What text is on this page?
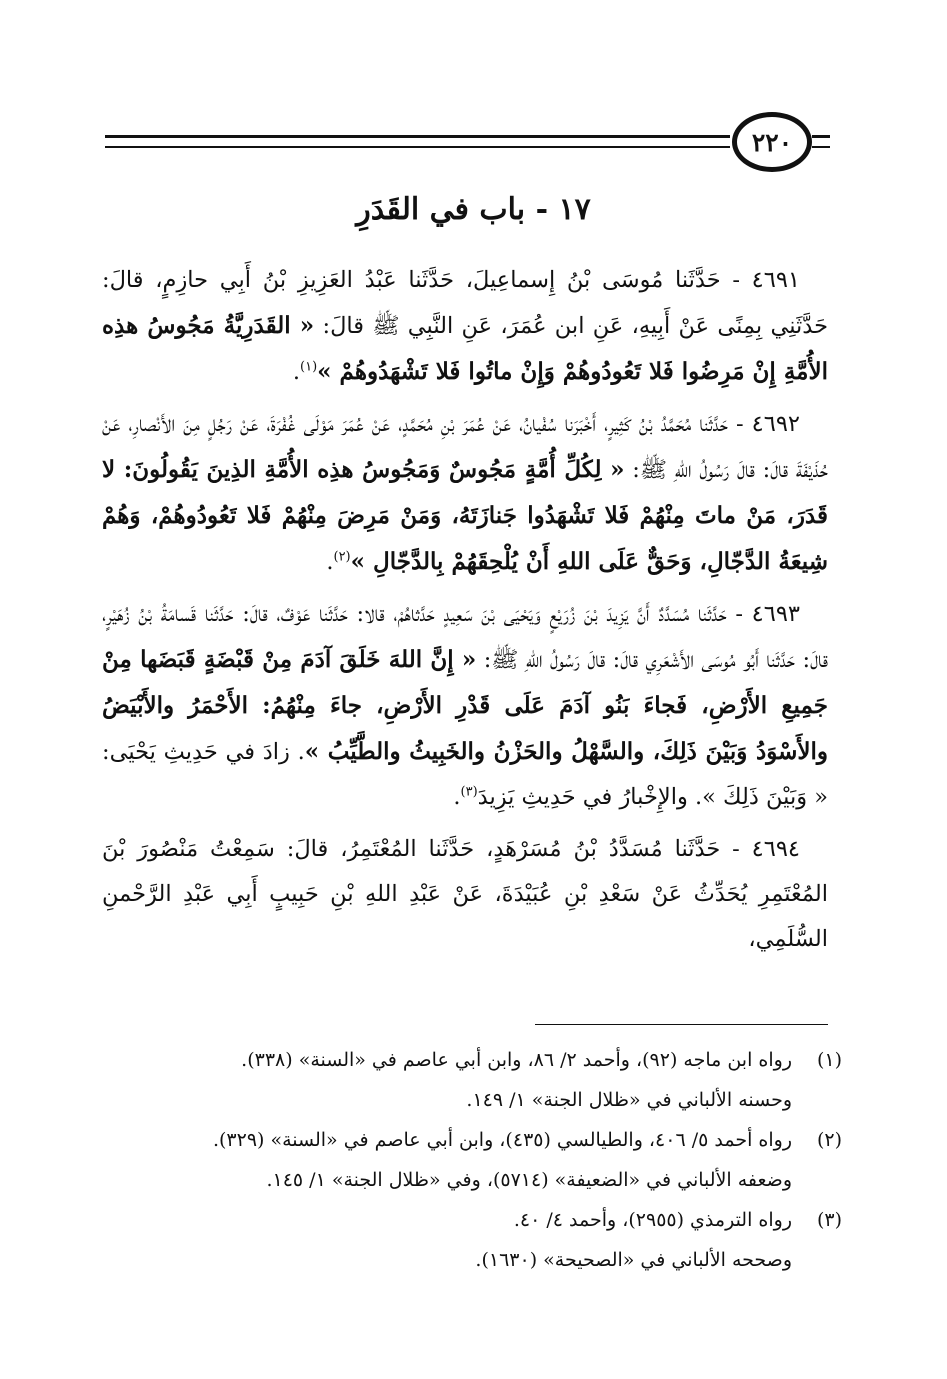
٢٢٠
١٧ - باب في القَدَرِ

٤٦٩١ - حَدَّثَنا مُوسَى بْنُ إِسماعِيلَ، حَدَّثَنا عَبْدُ العَزِيزِ بْنُ أَبِي حازِمٍ، قالَ: حَدَّثَنِي بِمِنًى عَنْ أَبِيهِ، عَنِ ابن عُمَرَ، عَنِ النَّبِي ﷺ قالَ: « القَدَرِيَّةُ مَجُوسُ هذِه الأُمَّةِ إِنْ مَرِضُوا فَلا تَعُودُوهُمْ وَإِنْ ماتُوا فَلا تَشْهَدُوهُمْ »$^{(١)}$.

٤٦٩٢ - حَدَّثَنا مُحَمَّدُ بْنُ كَثِيرٍ، أَخْبَرَنا سُفْيانُ، عَنْ عُمَرَ بْنِ مُحَمَّدٍ، عَنْ عُمَرَ مَوْلَى غُفْرَةَ، عَنْ رَجُلٍ مِنَ الأَنْصارِ، عَنْ حُذَيْفَةَ قالَ: قالَ رَسُولُ اللهِ ﷺ: « لِكُلِّ أُمَّةٍ مَجُوسٌ وَمَجُوسُ هذِه الأُمَّةِ الذِينَ يَقُولُونَ: لا قَدَرَ، مَنْ ماتَ مِنْهُمْ فَلا تَشْهَدُوا جَنازَتَهُ، وَمَنْ مَرِضَ مِنْهُمْ فَلا تَعُودُوهُمْ، وَهُمْ شِيعَةُ الدَّجّالِ، وَحَقٌّ عَلَى اللهِ أَنْ يُلْحِقَهُمْ بِالدَّجّالِ »$^{(٢)}$.

٤٦٩٣ - حَدَّثَنا مُسَدَّدٌ أَنَّ يَزِيدَ بْنَ زُرَيْعٍ وَيَحْيَى بْنَ سَعِيدٍ حَدَّثاهُمْ، قالا: حَدَّثَنا عَوْفٌ، قالَ: حَدَّثَنا قَسامَةُ بْنُ زُهَيْرٍ، قالَ: حَدَّثَنا أَبُو مُوسَى الأَشْعَرِي قالَ: قالَ رَسُولُ اللهِ ﷺ: « إِنَّ اللهَ خَلَقَ آدَمَ مِنْ قَبْضَةٍ قَبَضَها مِنْ جَمِيعِ الأَرْضِ، فَجاءَ بَنُو آدَمَ عَلَى قَدْرِ الأَرْضِ، جاءَ مِنْهُمُ: الأَحْمَرُ والأَبْيَضُ والأَسْوَدُ وَبَيْنَ ذَلِكَ، والسَّهْلُ والحَزْنُ والخَبِيثُ والطَّيِّبُ ». زادَ في حَدِيثِ يَحْيَى: « وَبَيْنَ ذَلِكَ ». والإِخْبارُ في حَدِيثِ يَزِيدَ$^{(٣)}$.

٤٦٩٤ - حَدَّثَنا مُسَدَّدُ بْنُ مُسَرْهَدٍ، حَدَّثَنا المُعْتَمِرُ، قالَ: سَمِعْتُ مَنْصُورَ بْنَ المُعْتَمِرِ يُحَدِّثُ عَنْ سَعْدِ بْنِ عُبَيْدَةَ، عَنْ عَبْدِ اللهِ بْنِ حَبِيبٍ أَبِي عَبْدِ الرَّحْمنِ السُّلَمِي،

(١)
رواه ابن ماجه (٩٢)، وأحمد ٢/ ٨٦، وابن أبي عاصم في «السنة» (٣٣٨).
وحسنه الألباني في «ظلال الجنة» ١/ ١٤٩.
(٢)
رواه أحمد ٥/ ٤٠٦، والطيالسي (٤٣٥)، وابن أبي عاصم في «السنة» (٣٢٩).
وضعفه الألباني في «الضعيفة» (٥٧١٤)، وفي «ظلال الجنة» ١/ ١٤٥.
(٣)
رواه الترمذي (٢٩٥٥)، وأحمد ٤/ ٤٠.
وصححه الألباني في «الصحيحة» (١٦٣٠).
